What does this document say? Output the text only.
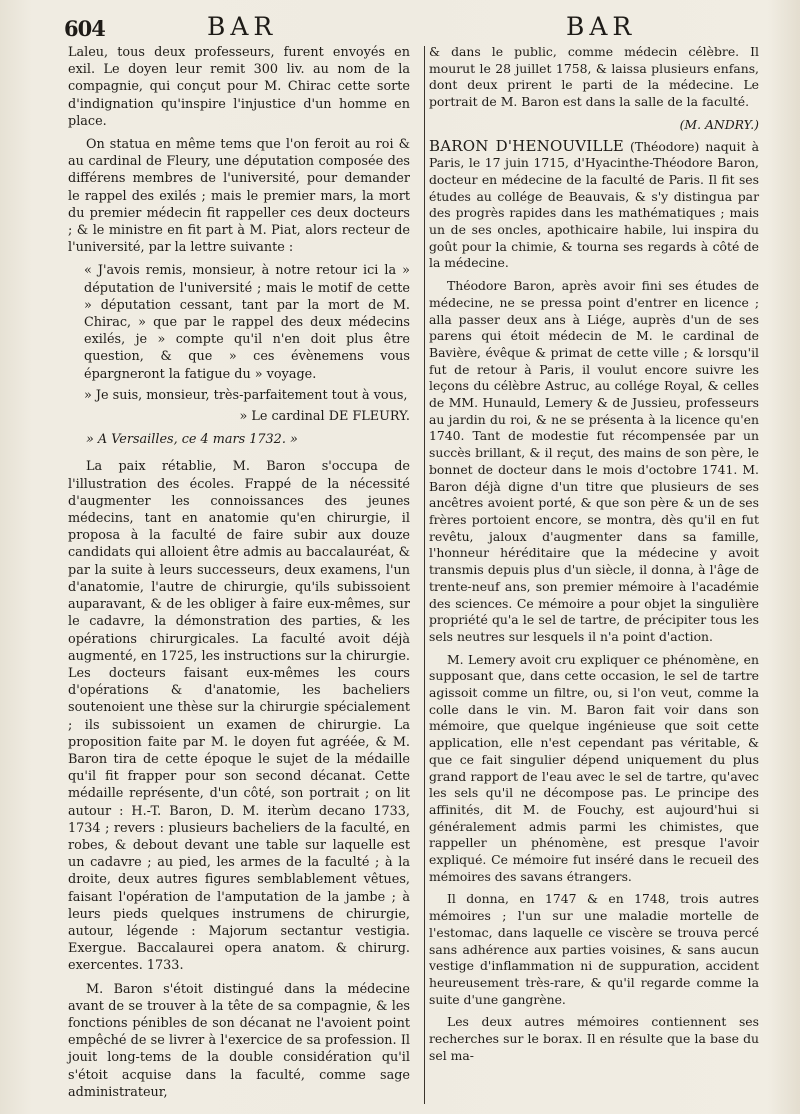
604	BAR	BAR

Laleu, tous deux professeurs, furent envoyés en exil. Le doyen leur remit 300 liv. au nom de la compagnie, qui conçut pour M. Chirac cette sorte d'indignation qu'inspire l'injustice d'un homme en place.

On statua en même tems que l'on feroit au roi & au cardinal de Fleury, une députation composée des différens membres de l'université, pour demander le rappel des exilés ; mais le premier mars, la mort du premier médecin fit rappeller ces deux docteurs ; & le ministre en fit part à M. Piat, alors recteur de l'université, par la lettre suivante :

« J'avois remis, monsieur, à notre retour ici la » députation de l'université ; mais le motif de cette » députation cessant, tant par la mort de M. Chirac, » que par le rappel des deux médecins exilés, je » compte qu'il n'en doit plus être question, & que » ces évènemens vous épargneront la fatigue du » voyage.

» Je suis, monsieur, très-parfaitement tout à vous,

» Le cardinal DE FLEURY.
» A Versailles, ce 4 mars 1732. »

La paix rétablie, M. Baron s'occupa de l'illustration des écoles. Frappé de la nécessité d'augmenter les connoissances des jeunes médecins, tant en anatomie qu'en chirurgie, il proposa à la faculté de faire subir aux douze candidats qui alloient être admis au baccalauréat, & par la suite à leurs successeurs, deux examens, l'un d'anatomie, l'autre de chirurgie, qu'ils subissoient auparavant, & de les obliger à faire eux-mêmes, sur le cadavre, la démonstration des parties, & les opérations chirurgicales. La faculté avoit déjà augmenté, en 1725, les instructions sur la chirurgie. Les docteurs faisant eux-mêmes les cours d'opérations & d'anatomie, les bacheliers soutenoient une thèse sur la chirurgie spécialement ; ils subissoient un examen de chirurgie. La proposition faite par M. le doyen fut agréée, & M. Baron tira de cette époque le sujet de la médaille qu'il fit frapper pour son second décanat. Cette médaille représente, d'un côté, son portrait ; on lit autour : H.-T. Baron, D. M. iterùm decano 1733, 1734 ; revers : plusieurs bacheliers de la faculté, en robes, & debout devant une table sur laquelle est un cadavre ; au pied, les armes de la faculté ; à la droite, deux autres figures semblablement vêtues, faisant l'opération de l'amputation de la jambe ; à leurs pieds quelques instrumens de chirurgie, autour, légende : Majorum sectantur vestigia. Exergue. Baccalaurei opera anatom. & chirurg. exercentes. 1733.

M. Baron s'étoit distingué dans la médecine avant de se trouver à la tête de sa compagnie, & les fonctions pénibles de son décanat ne l'avoient point empêché de se livrer à l'exercice de sa profession. Il jouit long-tems de la double considération qu'il s'étoit acquise dans la faculté, comme sage administrateur,

& dans le public, comme médecin célèbre. Il mourut le 28 juillet 1758, & laissa plusieurs enfans, dont deux prirent le parti de la médecine. Le portrait de M. Baron est dans la salle de la faculté.

(M. ANDRY.)

BARON D'HENOUVILLE (Théodore) naquit à Paris, le 17 juin 1715, d'Hyacinthe-Théodore Baron, docteur en médecine de la faculté de Paris. Il fit ses études au collége de Beauvais, & s'y distingua par des progrès rapides dans les mathématiques ; mais un de ses oncles, apothicaire habile, lui inspira du goût pour la chimie, & tourna ses regards à côté de la médecine.

Théodore Baron, après avoir fini ses études de médecine, ne se pressa point d'entrer en licence ; alla passer deux ans à Liége, auprès d'un de ses parens qui étoit médecin de M. le cardinal de Bavière, évêque & primat de cette ville ; & lorsqu'il fut de retour à Paris, il voulut encore suivre les leçons du célèbre Astruc, au collége Royal, & celles de MM. Hunauld, Lemery & de Jussieu, professeurs au jardin du roi, & ne se présenta à la licence qu'en 1740. Tant de modestie fut récompensée par un succès brillant, & il reçut, des mains de son père, le bonnet de docteur dans le mois d'octobre 1741. M. Baron déjà digne d'un titre que plusieurs de ses ancêtres avoient porté, & que son père & un de ses frères portoient encore, se montra, dès qu'il en fut revêtu, jaloux d'augmenter dans sa famille, l'honneur héréditaire que la médecine y avoit transmis depuis plus d'un siècle, il donna, à l'âge de trente-neuf ans, son premier mémoire à l'académie des sciences. Ce mémoire a pour objet la singulière propriété qu'a le sel de tartre, de précipiter tous les sels neutres sur lesquels il n'a point d'action.

M. Lemery avoit cru expliquer ce phénomène, en supposant que, dans cette occasion, le sel de tartre agissoit comme un filtre, ou, si l'on veut, comme la colle dans le vin. M. Baron fait voir dans son mémoire, que quelque ingénieuse que soit cette application, elle n'est cependant pas véritable, & que ce fait singulier dépend uniquement du plus grand rapport de l'eau avec le sel de tartre, qu'avec les sels qu'il ne décompose pas. Le principe des affinités, dit M. de Fouchy, est aujourd'hui si généralement admis parmi les chimistes, que rappeller un phénomène, est presque l'avoir expliqué. Ce mémoire fut inséré dans le recueil des mémoires des savans étrangers.

Il donna, en 1747 & en 1748, trois autres mémoires ; l'un sur une maladie mortelle de l'estomac, dans laquelle ce viscère se trouva percé sans adhérence aux parties voisines, & sans aucun vestige d'inflammation ni de suppuration, accident heureusement très-rare, & qu'il regarde comme la suite d'une gangrène.

Les deux autres mémoires contiennent ses recherches sur le borax. Il en résulte que la base du sel ma-
